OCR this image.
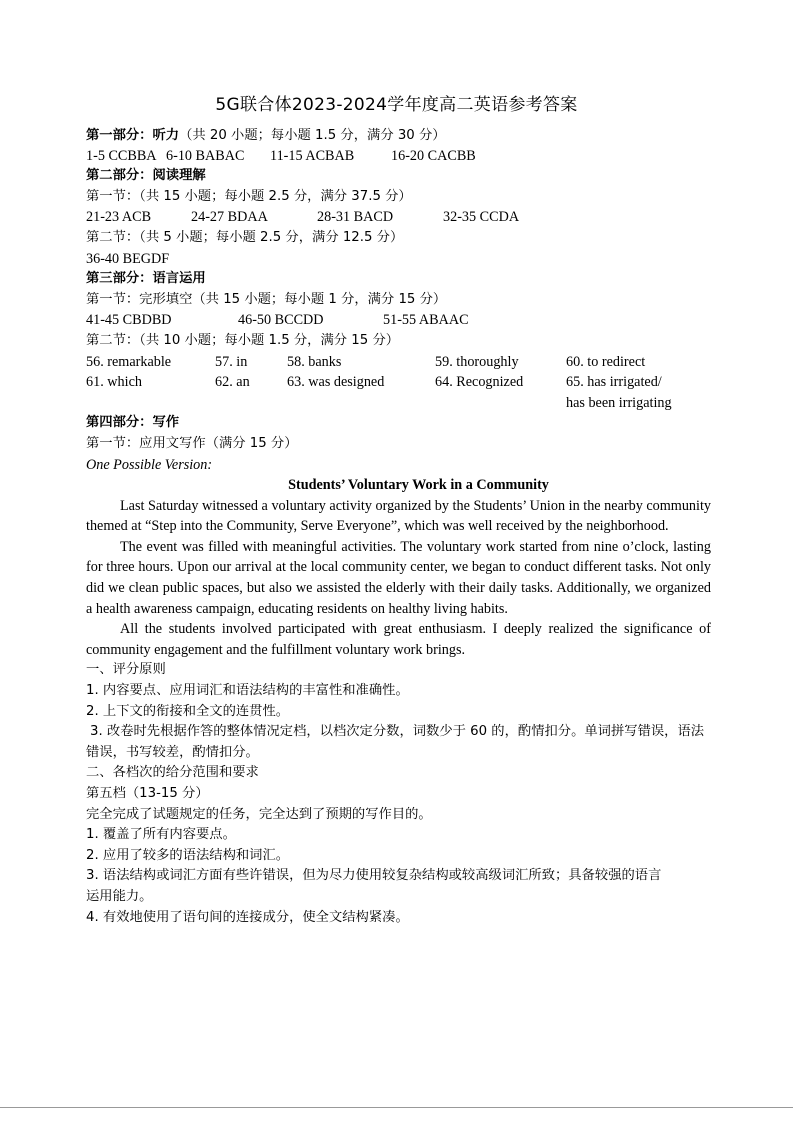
5G联合体2023-2024学年度高二英语参考答案
第一部分：听力（共 20 小题；每小题 1.5 分，满分 30 分）
1-5 CCBBA 6-10 BABAC	11-15 ACBAB	16-20 CACBB
第二部分：阅读理解
第一节：（共 15 小题；每小题 2.5 分，满分 37.5 分）
21-23 ACB	24-27 BDAA	28-31 BACD	32-35 CCDA
第二节：（共 5 小题；每小题 2.5 分，满分 12.5 分）
36-40 BEGDF
第三部分：语言运用
第一节：完形填空（共 15 小题；每小题 1 分，满分 15 分）
41-45 CBDBD	46-50 BCCDD	51-55 ABAAC
第二节：（共 10 小题；每小题 1.5 分，满分 15 分）
56. remarkable	57. in	58. banks	59. thoroughly	60. to redirect
61. which	62. an	63. was designed	64. Recognized	65. has irrigated/
has been irrigating
第四部分：写作
第一节：应用文写作（满分 15 分）
One Possible Version:
Students’ Voluntary Work in a Community
Last Saturday witnessed a voluntary activity organized by the Students’ Union in the nearby community themed at “Step into the Community, Serve Everyone”, which was well received by the neighborhood.
The event was filled with meaningful activities. The voluntary work started from nine o’clock, lasting for three hours. Upon our arrival at the local community center, we began to conduct different tasks. Not only did we clean public spaces, but also we assisted the elderly with their daily tasks. Additionally, we organized a health awareness campaign, educating residents on healthy living habits.
All the students involved participated with great enthusiasm. I deeply realized the significance of community engagement and the fulfillment voluntary work brings.
一、评分原则
1. 内容要点、应用词汇和语法结构的丰富性和准确性。
2. 上下文的衔接和全文的连贯性。
3. 改卷时先根据作答的整体情况定档，以档次定分数，词数少于 60 的，酌情扣分。单词拼写错误，语法错误，书写较差，酌情扣分。
二、各档次的给分范围和要求
第五档（13-15 分）
完全完成了试题规定的任务，完全达到了预期的写作目的。
1. 覆盖了所有内容要点。
2. 应用了较多的语法结构和词汇。
3. 语法结构或词汇方面有些许错误，但为尽力使用较复杂结构或较高级词汇所致；具备较强的语言
运用能力。
4. 有效地使用了语句间的连接成分，使全文结构紧凑。
